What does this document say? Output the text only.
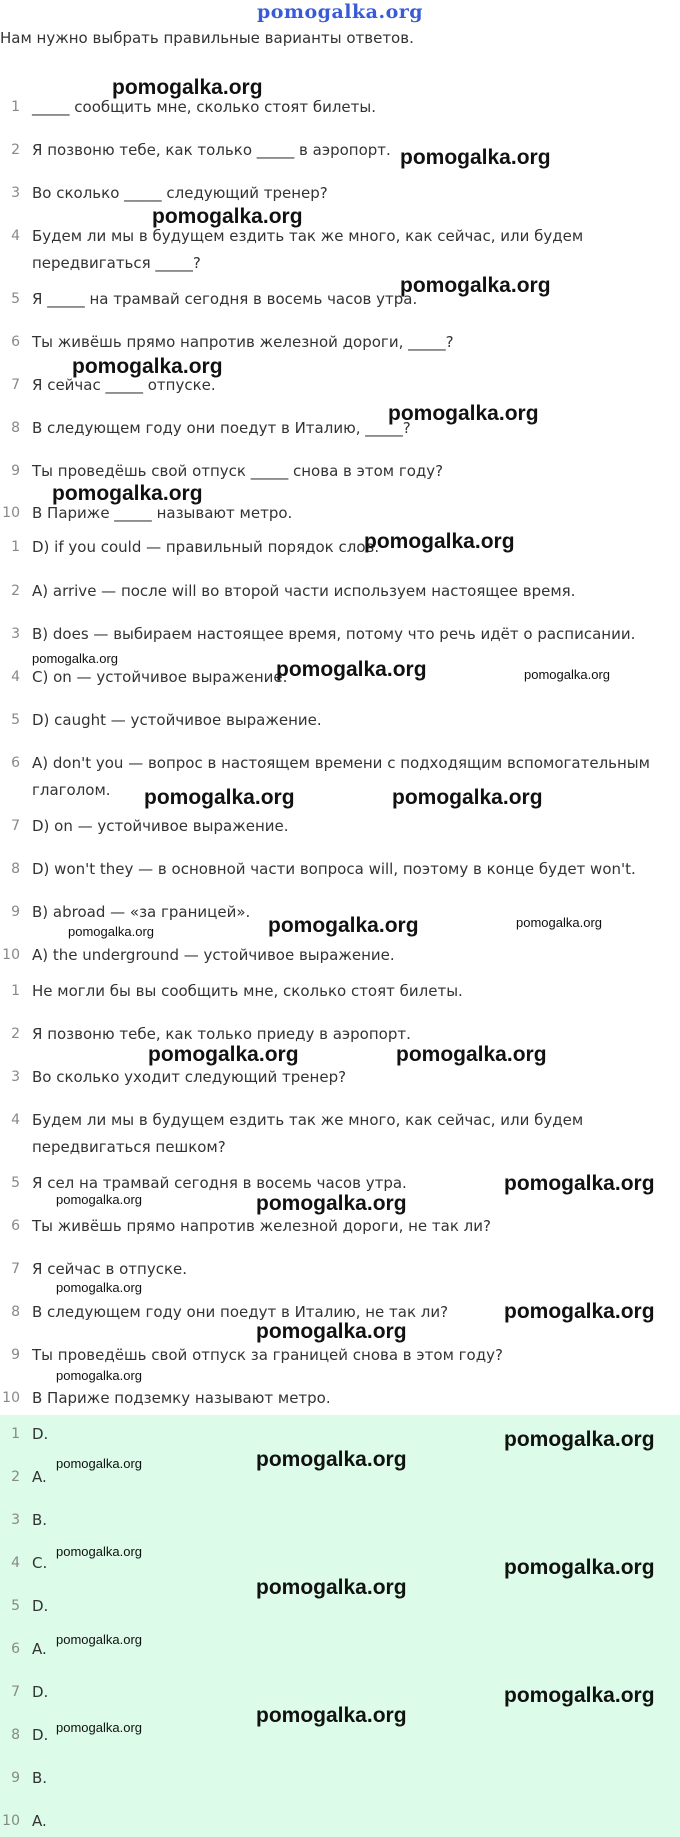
pomogalka.org
Нам нужно выбрать правильные варианты ответов.
1 _____ сообщить мне, сколько стоят билеты.
2 Я позвоню тебе, как только _____ в аэропорт.
3 Во сколько _____ следующий тренер?
4 Будем ли мы в будущем ездить так же много, как сейчас, или будем передвигаться _____?
5 Я _____ на трамвай сегодня в восемь часов утра.
6 Ты живёшь прямо напротив железной дороги, _____?
7 Я сейчас _____ отпуске.
8 В следующем году они поедут в Италию, _____?
9 Ты проведёшь свой отпуск _____ снова в этом году?
10 В Париже _____ называют метро.
1 D) if you could — правильный порядок слов.
2 A) arrive — после will во второй части используем настоящее время.
3 B) does — выбираем настоящее время, потому что речь идёт о расписании.
4 C) on — устойчивое выражение.
5 D) caught — устойчивое выражение.
6 A) don't you — вопрос в настоящем времени с подходящим вспомогательным глаголом.
7 D) on — устойчивое выражение.
8 D) won't they — в основной части вопроса will, поэтому в конце будет won't.
9 B) abroad — «за границей».
10 A) the underground — устойчивое выражение.
1 Не могли бы вы сообщить мне, сколько стоят билеты.
2 Я позвоню тебе, как только приеду в аэропорт.
3 Во сколько уходит следующий тренер?
4 Будем ли мы в будущем ездить так же много, как сейчас, или будем передвигаться пешком?
5 Я сел на трамвай сегодня в восемь часов утра.
6 Ты живёшь прямо напротив железной дороги, не так ли?
7 Я сейчас в отпуске.
8 В следующем году они поедут в Италию, не так ли?
9 Ты проведёшь свой отпуск за границей снова в этом году?
10 В Париже подземку называют метро.
1 D.
2 A.
3 B.
4 C.
5 D.
6 A.
7 D.
8 D.
9 B.
10 A.
pomogalka.org
pomogalka.org
pomogalka.org
pomogalka.org
pomogalka.org
pomogalka.org
pomogalka.org
pomogalka.org
pomogalka.org	pomogalka.org	pomogalka.org
pomogalka.org	pomogalka.org
pomogalka.org	pomogalka.org	pomogalka.org
pomogalka.org	pomogalka.org
pomogalka.org
pomogalka.org	pomogalka.org
pomogalka.org
pomogalka.org
pomogalka.org
pomogalka.org
pomogalka.org
pomogalka.org	pomogalka.org
pomogalka.org
pomogalka.org
pomogalka.org
pomogalka.org
pomogalka.org
pomogalka.org
pomogalka.org
